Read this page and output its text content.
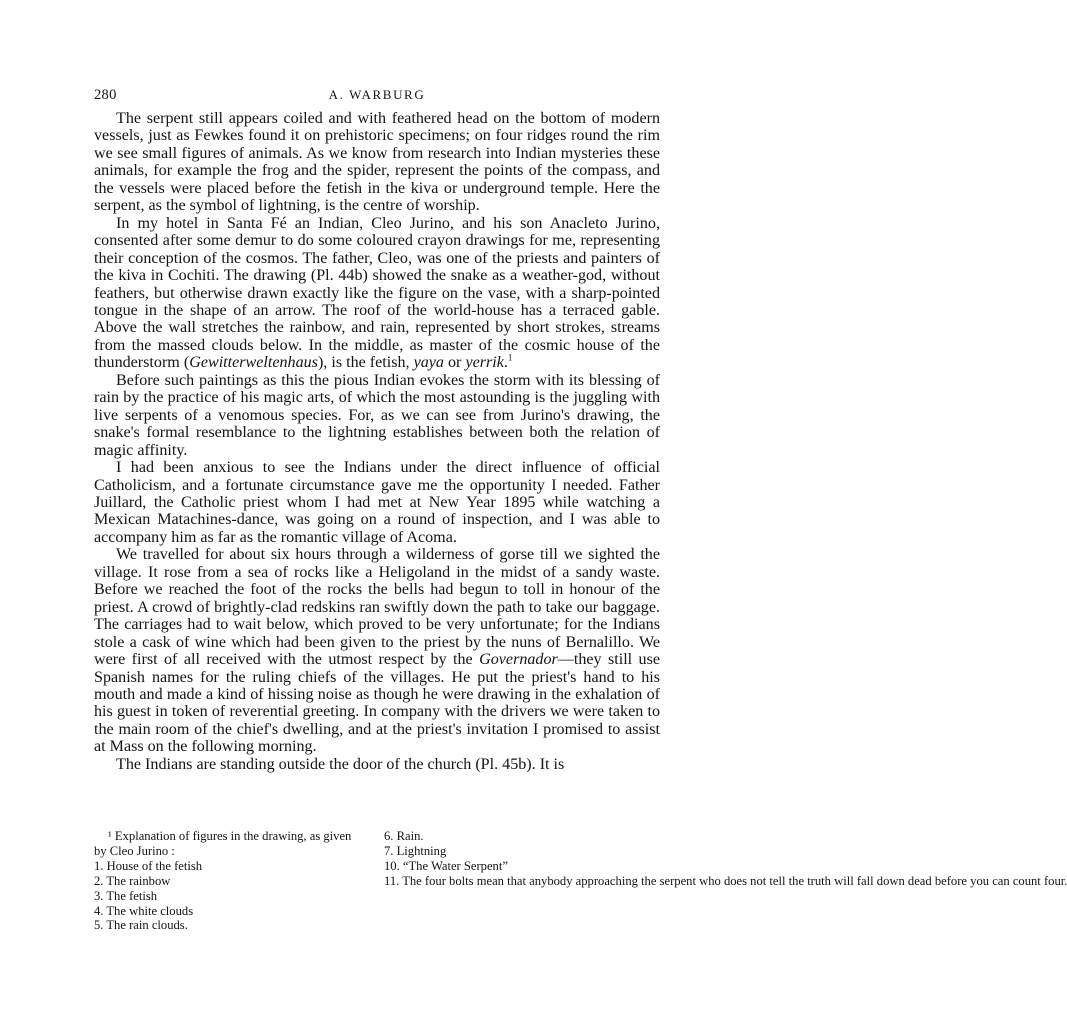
280	A. WARBURG

The serpent still appears coiled and with feathered head on the bottom of modern vessels, just as Fewkes found it on prehistoric specimens; on four ridges round the rim we see small figures of animals. As we know from research into Indian mysteries these animals, for example the frog and the spider, represent the points of the compass, and the vessels were placed before the fetish in the kiva or underground temple. Here the serpent, as the symbol of lightning, is the centre of worship.

In my hotel in Santa Fé an Indian, Cleo Jurino, and his son Anacleto Jurino, consented after some demur to do some coloured crayon drawings for me, representing their conception of the cosmos. The father, Cleo, was one of the priests and painters of the kiva in Cochiti. The drawing (Pl. 44b) showed the snake as a weather-god, without feathers, but otherwise drawn exactly like the figure on the vase, with a sharp-pointed tongue in the shape of an arrow. The roof of the world-house has a terraced gable. Above the wall stretches the rainbow, and rain, represented by short strokes, streams from the massed clouds below. In the middle, as master of the cosmic house of the thunderstorm (Gewitterweltenhaus), is the fetish, yaya or yerrik.$^1$

Before such paintings as this the pious Indian evokes the storm with its blessing of rain by the practice of his magic arts, of which the most astounding is the juggling with live serpents of a venomous species. For, as we can see from Jurino's drawing, the snake's formal resemblance to the lightning establishes between both the relation of magic affinity.

I had been anxious to see the Indians under the direct influence of official Catholicism, and a fortunate circumstance gave me the opportunity I needed. Father Juillard, the Catholic priest whom I had met at New Year 1895 while watching a Mexican Matachines-dance, was going on a round of inspection, and I was able to accompany him as far as the romantic village of Acoma.

We travelled for about six hours through a wilderness of gorse till we sighted the village. It rose from a sea of rocks like a Heligoland in the midst of a sandy waste. Before we reached the foot of the rocks the bells had begun to toll in honour of the priest. A crowd of brightly-clad redskins ran swiftly down the path to take our baggage. The carriages had to wait below, which proved to be very unfortunate; for the Indians stole a cask of wine which had been given to the priest by the nuns of Bernalillo. We were first of all received with the utmost respect by the Governador—they still use Spanish names for the ruling chiefs of the villages. He put the priest's hand to his mouth and made a kind of hissing noise as though he were drawing in the exhalation of his guest in token of reverential greeting. In company with the drivers we were taken to the main room of the chief's dwelling, and at the priest's invitation I promised to assist at Mass on the following morning.

The Indians are standing outside the door of the church (Pl. 45b). It is

¹ Explanation of figures in the drawing, as given by Cleo Jurino :
1. House of the fetish
2. The rainbow
3. The fetish
4. The white clouds
5. The rain clouds.
6. Rain.
7. Lightning
10. “The Water Serpent”
11. The four bolts mean that anybody approaching the serpent who does not tell the truth will fall down dead before you can count four.
